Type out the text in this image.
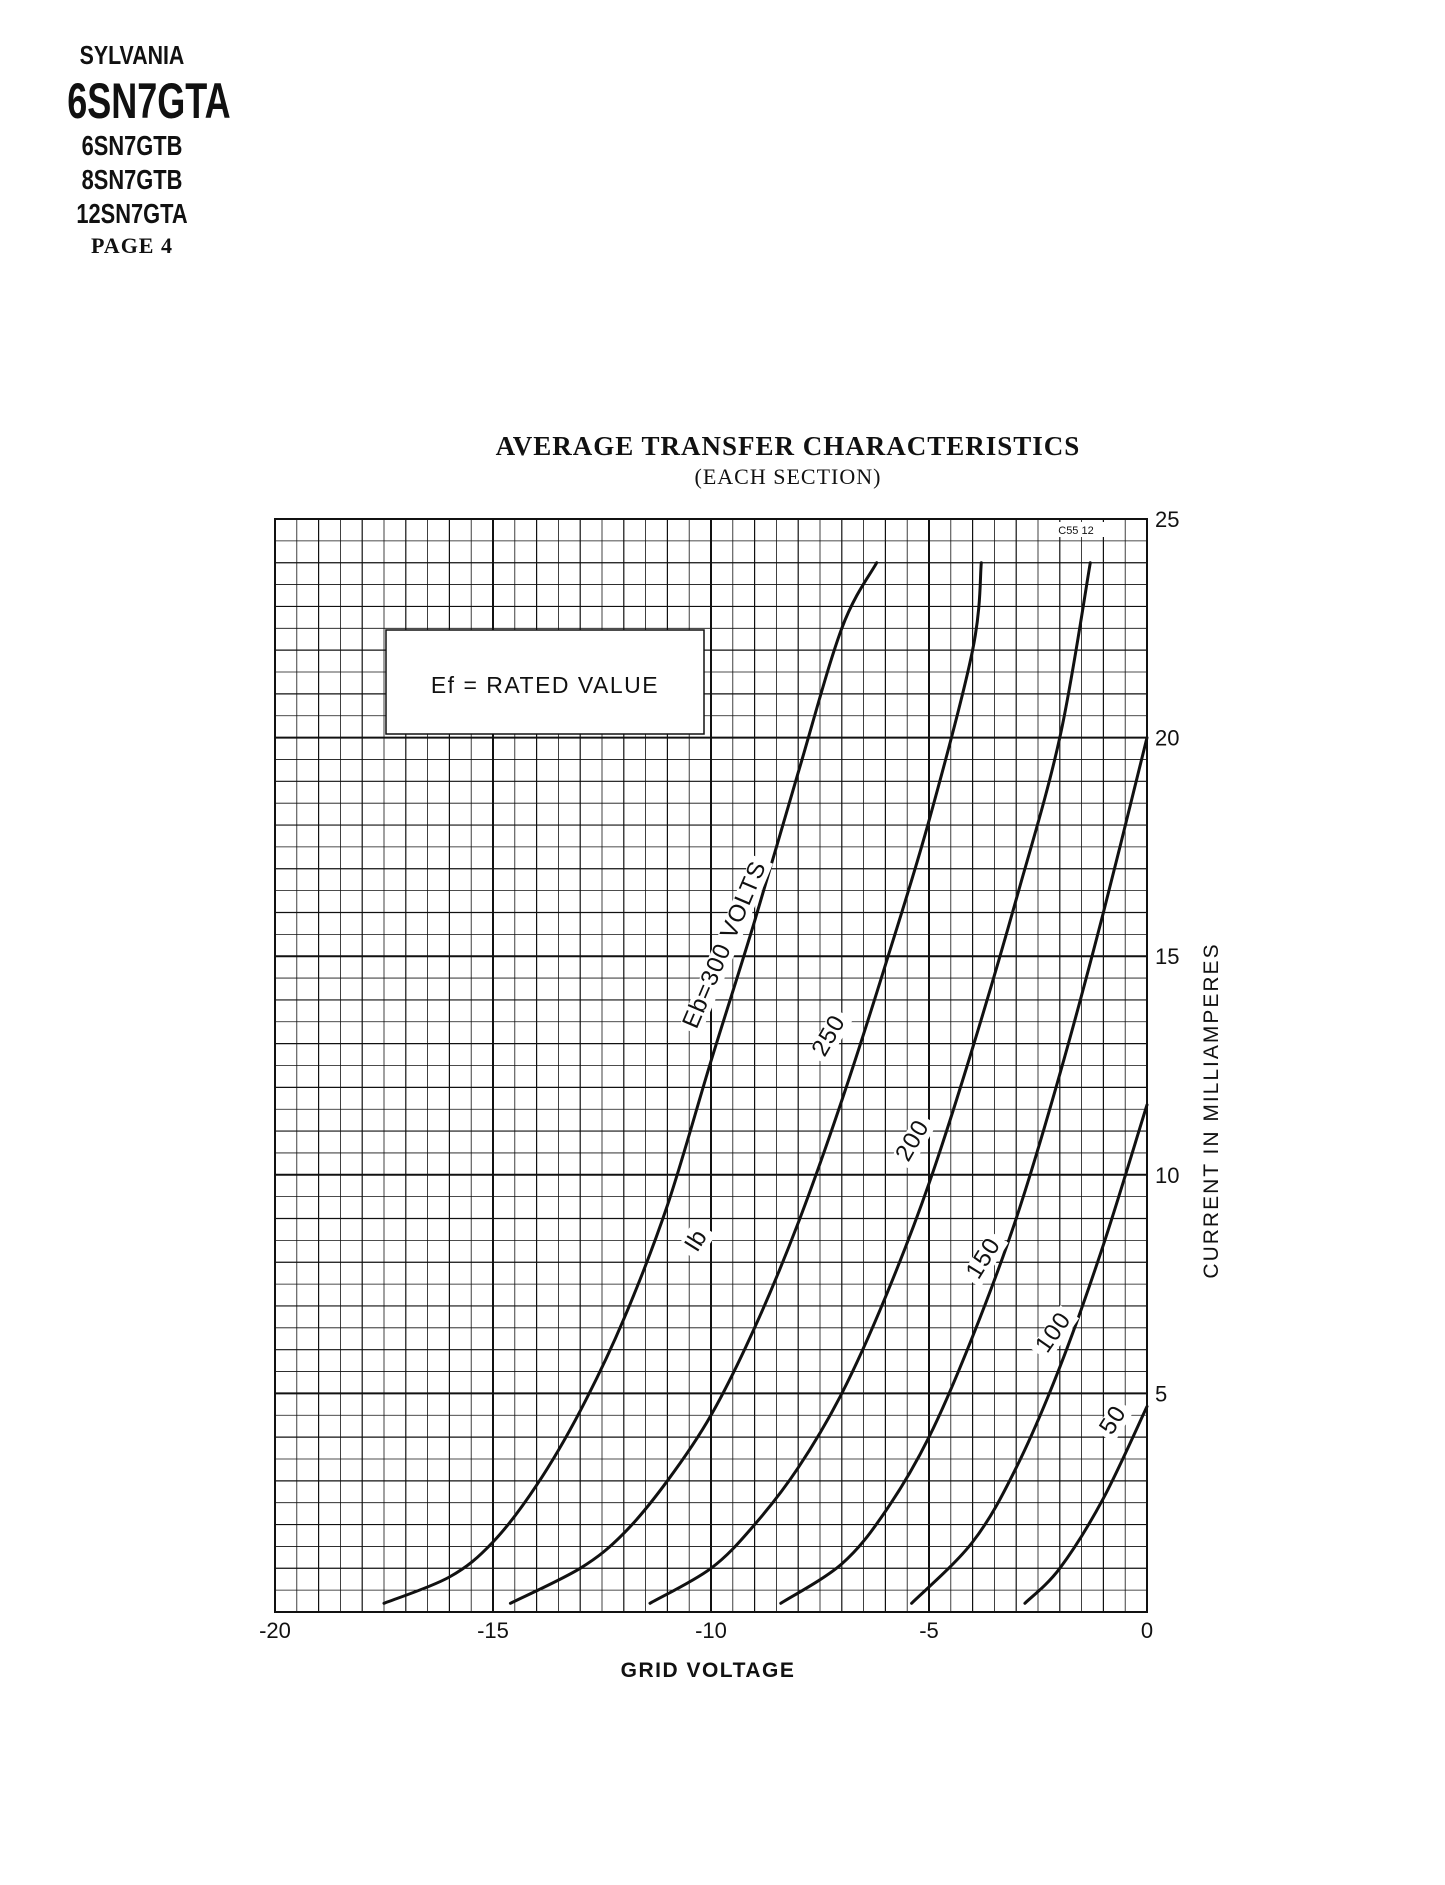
SYLVANIA
6SN7GTA
6SN7GTB
8SN7GTB
12SN7GTA
PAGE 4
AVERAGE TRANSFER CHARACTERISTICS
(EACH SECTION)
Ef = RATED VALUE
C55 12
Eb=300 VOLTS
250
200
150
100
50
Ib
-20	-15	-10	-5	0
5
10
15
20
25
GRID VOLTAGE
CURRENT IN MILLIAMPERES
